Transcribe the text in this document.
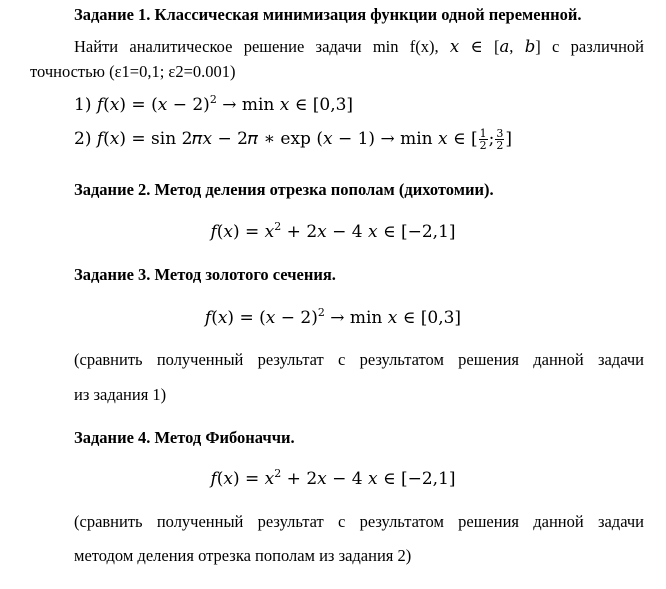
Задание 1. Классическая минимизация функции одной переменной.
Найти аналитическое решение задачи min f(x), 𝑥 ∈ [𝑎, 𝑏] с различной
точностью (ε1=0,1; ε2=0.001)
1) 𝑓(𝑥) = (𝑥 − 2)$^2$ → min 𝑥 ∈ [0,3]
2) 𝑓(𝑥) = sin 2𝜋𝑥 − 2𝜋 ∗ exp (𝑥 − 1) → min 𝑥 ∈ [ $\frac{1}{2}$ ; $\frac{3}{2}$ ]
Задание 2. Метод деления отрезка пополам (дихотомии).
𝑓(𝑥) = 𝑥$^2$ + 2𝑥 − 4 𝑥 ∈ [−2,1]
Задание 3. Метод золотого сечения.
𝑓(𝑥) = (𝑥 − 2)$^2$ → min 𝑥 ∈ [0,3]
(сравнить полученный результат с результатом решения данной задачи
из задания 1)
Задание 4. Метод Фибоначчи.
𝑓(𝑥) = 𝑥$^2$ + 2𝑥 − 4 𝑥 ∈ [−2,1]
(сравнить полученный результат с результатом решения данной задачи
методом деления отрезка пополам из задания 2)
